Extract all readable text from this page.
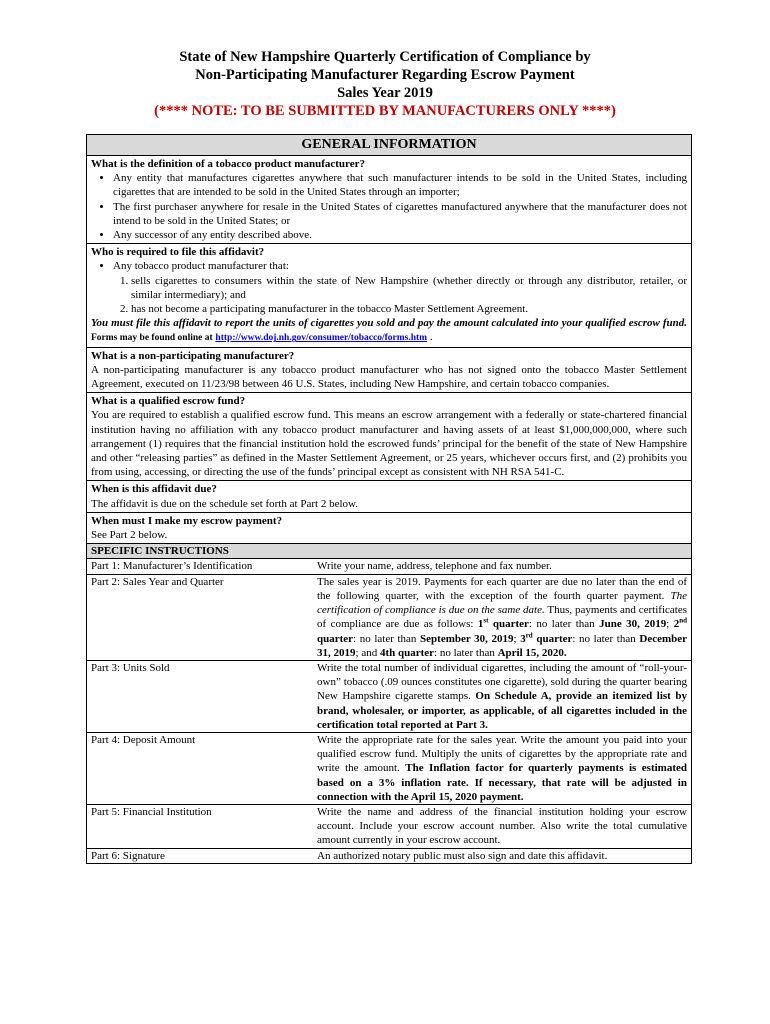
State of New Hampshire Quarterly Certification of Compliance by
Non-Participating Manufacturer Regarding Escrow Payment
Sales Year 2019
(**** NOTE: TO BE SUBMITTED BY MANUFACTURERS ONLY ****)
GENERAL INFORMATION

What is the definition of a tobacco product manufacturer?

• Any entity that manufactures cigarettes anywhere that such manufacturer intends to be sold in the United States, including cigarettes that are intended to be sold in the United States through an importer;
• The first purchaser anywhere for resale in the United States of cigarettes manufactured anywhere that the manufacturer does not intend to be sold in the United States; or
• Any successor of any entity described above.

Who is required to file this affidavit?

• Any tobacco product manufacturer that:
1. sells cigarettes to consumers within the state of New Hampshire (whether directly or through any distributor, retailer, or similar intermediary); and
2. has not become a participating manufacturer in the tobacco Master Settlement Agreement.

You must file this affidavit to report the units of cigarettes you sold and pay the amount calculated into your qualified escrow fund. Forms may be found online at http://www.doj.nh.gov/consumer/tobacco/forms.htm .

What is a non-participating manufacturer?

A non-participating manufacturer is any tobacco product manufacturer who has not signed onto the tobacco Master Settlement Agreement, executed on 11/23/98 between 46 U.S. States, including New Hampshire, and certain tobacco companies.

What is a qualified escrow fund?

You are required to establish a qualified escrow fund. This means an escrow arrangement with a federally or state-chartered financial institution having no affiliation with any tobacco product manufacturer and having assets of at least $1,000,000,000, where such arrangement (1) requires that the financial institution hold the escrowed funds’ principal for the benefit of the state of New Hampshire and other “releasing parties” as defined in the Master Settlement Agreement, or 25 years, whichever occurs first, and (2) prohibits you from using, accessing, or directing the use of the funds’ principal except as consistent with NH RSA 541-C.

When is this affidavit due?

The affidavit is due on the schedule set forth at Part 2 below.

When must I make my escrow payment?

See Part 2 below.

SPECIFIC INSTRUCTIONS
Part 1: Manufacturer’s Identification	Write your name, address, telephone and fax number.
Part 2: Sales Year and Quarter	The sales year is 2019. Payments for each quarter are due no later than the end of the following quarter, with the exception of the fourth quarter payment. The certification of compliance is due on the same date. Thus, payments and certificates of compliance are due as follows: 1st quarter: no later than June 30, 2019; 2nd quarter: no later than September 30, 2019; 3rd quarter: no later than December 31, 2019; and 4th quarter: no later than April 15, 2020.
Part 3: Units Sold	Write the total number of individual cigarettes, including the amount of “roll-your-own” tobacco (.09 ounces constitutes one cigarette), sold during the quarter bearing New Hampshire cigarette stamps. On Schedule A, provide an itemized list by brand, wholesaler, or importer, as applicable, of all cigarettes included in the certification total reported at Part 3.
Part 4: Deposit Amount	Write the appropriate rate for the sales year. Write the amount you paid into your qualified escrow fund. Multiply the units of cigarettes by the appropriate rate and write the amount. The Inflation factor for quarterly payments is estimated based on a 3% inflation rate. If necessary, that rate will be adjusted in connection with the April 15, 2020 payment.
Part 5: Financial Institution	Write the name and address of the financial institution holding your escrow account. Include your escrow account number. Also write the total cumulative amount currently in your escrow account.
Part 6: Signature	An authorized notary public must also sign and date this affidavit.
